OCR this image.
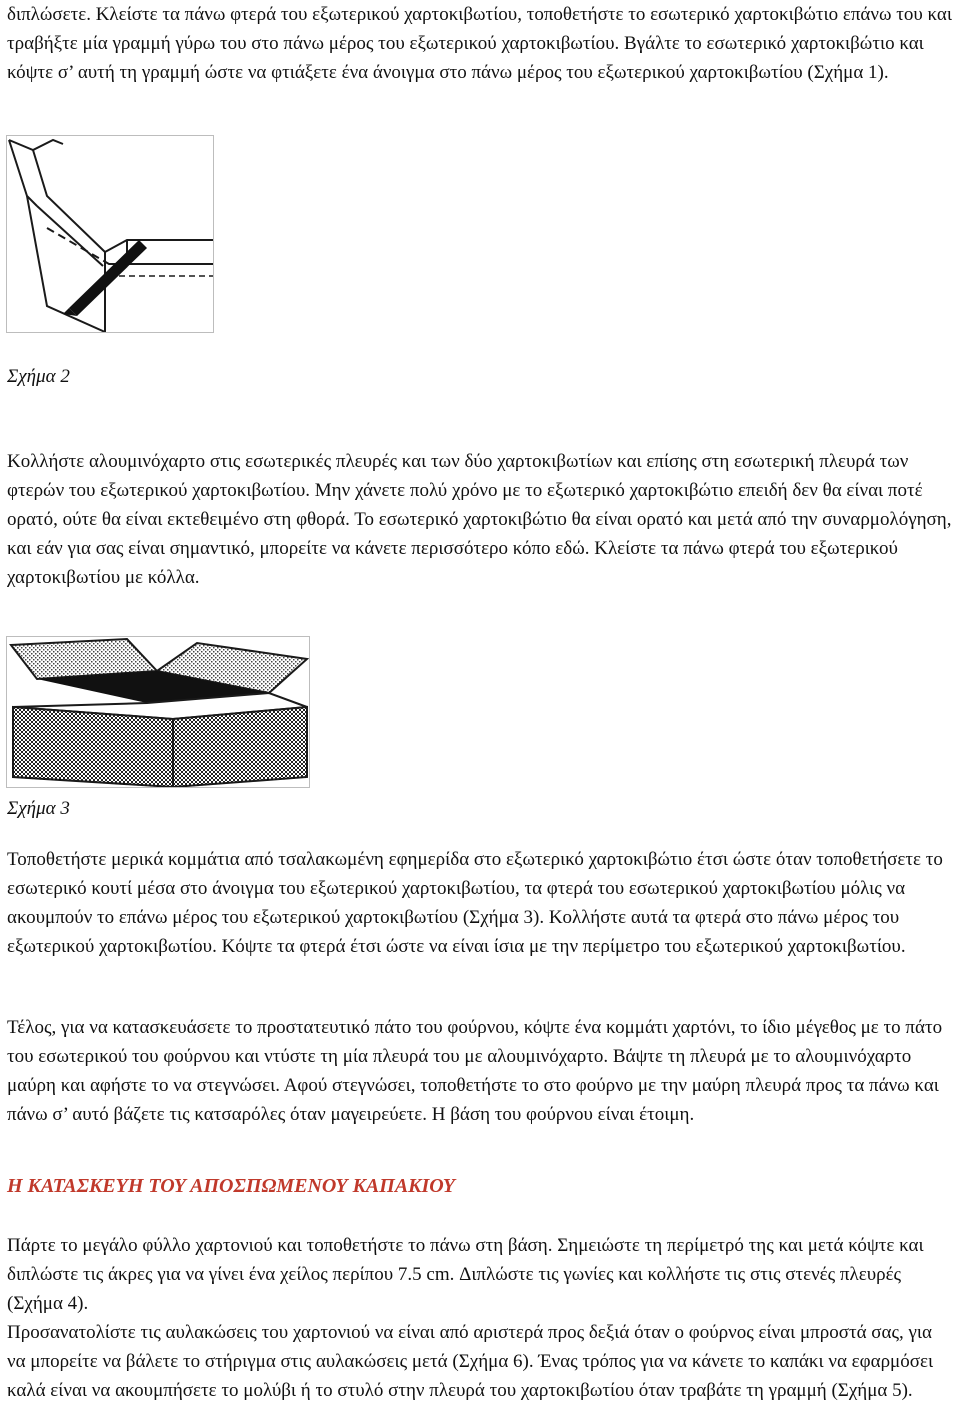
διπλώσετε. Κλείστε τα πάνω φτερά του εξωτερικού χαρτοκιβωτίου, τοποθετήστε το εσωτερικό χαρτοκιβώτιο επάνω του και τραβήξτε μία γραμμή γύρω του στο πάνω μέρος του εξωτερικού χαρτοκιβωτίου. Βγάλτε το εσωτερικό χαρτοκιβώτιο και κόψτε σ’ αυτή τη γραμμή ώστε να φτιάξετε ένα άνοιγμα στο πάνω μέρος του εξωτερικού χαρτοκιβωτίου (Σχήμα 1).

Σχήμα 2

Κολλήστε αλουμινόχαρτο στις εσωτερικές πλευρές και των δύο χαρτοκιβωτίων και επίσης στη εσωτερική πλευρά των φτερών του εξωτερικού χαρτοκιβωτίου. Μην χάνετε πολύ χρόνο με το εξωτερικό χαρτοκιβώτιο επειδή δεν θα είναι ποτέ ορατό, ούτε θα είναι εκτεθειμένο στη φθορά. Το εσωτερικό χαρτοκιβώτιο θα είναι ορατό και μετά από την συναρμολόγηση, και εάν για σας είναι σημαντικό, μπορείτε να κάνετε περισσότερο κόπο εδώ. Κλείστε τα πάνω φτερά του εξωτερικού χαρτοκιβωτίου με κόλλα.

Σχήμα 3

Τοποθετήστε μερικά κομμάτια από τσαλακωμένη εφημερίδα στο εξωτερικό χαρτοκιβώτιο έτσι ώστε όταν τοποθετήσετε το εσωτερικό κουτί μέσα στο άνοιγμα του εξωτερικού χαρτοκιβωτίου, τα φτερά του εσωτερικού χαρτοκιβωτίου μόλις να ακουμπούν το επάνω μέρος του εξωτερικού χαρτοκιβωτίου (Σχήμα 3). Κολλήστε αυτά τα φτερά στο πάνω μέρος του εξωτερικού χαρτοκιβωτίου. Κόψτε τα φτερά έτσι ώστε να είναι ίσια με την περίμετρο του εξωτερικού χαρτοκιβωτίου.

Τέλος, για να κατασκευάσετε το προστατευτικό πάτο του φούρνου, κόψτε ένα κομμάτι χαρτόνι, το ίδιο μέγεθος με το πάτο του εσωτερικού του φούρνου και ντύστε τη μία πλευρά του με αλουμινόχαρτο. Βάψτε τη πλευρά με το αλουμινόχαρτο μαύρη και αφήστε το να στεγνώσει. Αφού στεγνώσει, τοποθετήστε το στο φούρνο με την μαύρη πλευρά προς τα πάνω και πάνω σ’ αυτό βάζετε τις κατσαρόλες όταν μαγειρεύετε. Η βάση του φούρνου είναι έτοιμη.

Η ΚΑΤΑΣΚΕΥΗ ΤΟΥ ΑΠΟΣΠΩΜΕΝΟΥ ΚΑΠΑΚΙΟΥ

Πάρτε το μεγάλο φύλλο χαρτονιού και τοποθετήστε το πάνω στη βάση. Σημειώστε τη περίμετρό της και μετά κόψτε και διπλώστε τις άκρες για να γίνει ένα χείλος περίπου 7.5 cm. Διπλώστε τις γωνίες και κολλήστε τις στις στενές πλευρές (Σχήμα 4).

Προσανατολίστε τις αυλακώσεις του χαρτονιού να είναι από αριστερά προς δεξιά όταν ο φούρνος είναι μπροστά σας, για να μπορείτε να βάλετε το στήριγμα στις αυλακώσεις μετά (Σχήμα 6). Ένας τρόπος για να κάνετε το καπάκι να εφαρμόσει καλά είναι να ακουμπήσετε το μολύβι ή το στυλό στην πλευρά του χαρτοκιβωτίου όταν τραβάτε τη γραμμή (Σχήμα 5).
